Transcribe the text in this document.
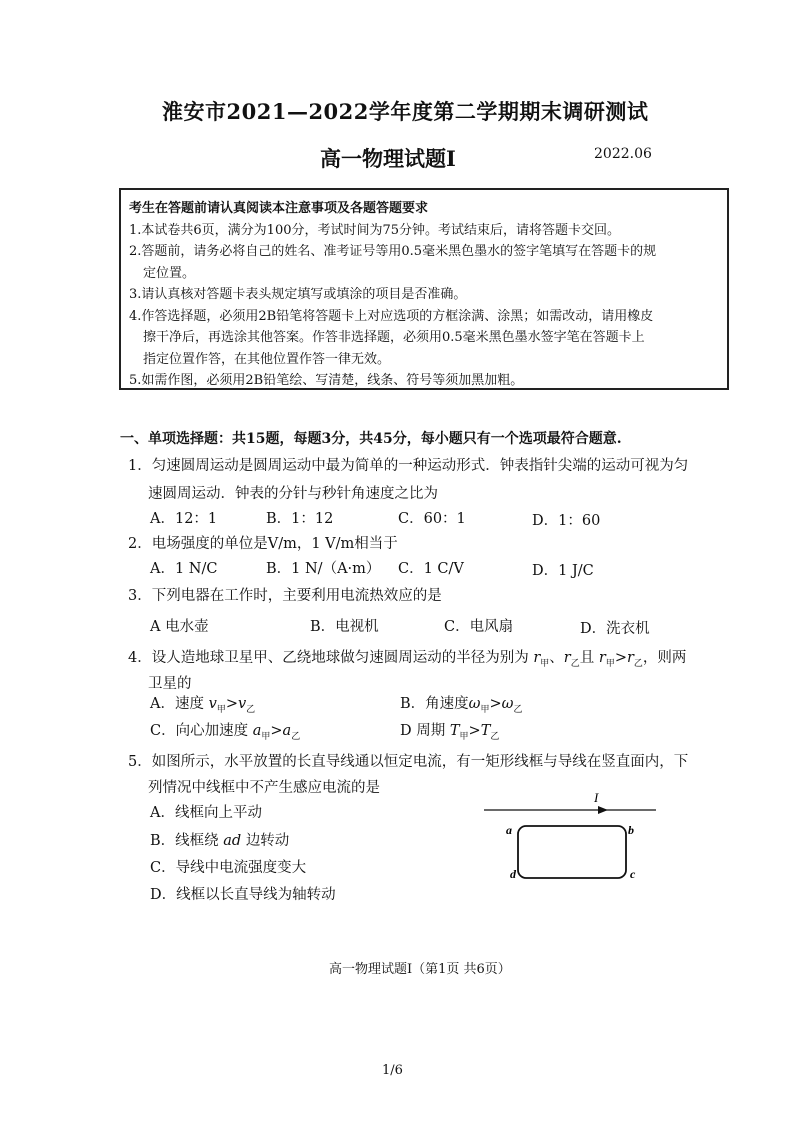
淮安市2021—2022学年度第二学期期末调研测试
高一物理试题Ⅰ	2022.06

考生在答题前请认真阅读本注意事项及各题答题要求

1.本试卷共6页，满分为100分，考试时间为75分钟。考试结束后，请将答题卡交回。

2.答题前，请务必将自己的姓名、准考证号等用0.5毫米黑色墨水的签字笔填写在答题卡的规

定位置。

3.请认真核对答题卡表头规定填写或填涂的项目是否准确。

4.作答选择题，必须用2B铅笔将答题卡上对应选项的方框涂满、涂黑；如需改动，请用橡皮

擦干净后，再选涂其他答案。作答非选择题，必须用0.5毫米黑色墨水签字笔在答题卡上

指定位置作答，在其他位置作答一律无效。

5.如需作图，必须用2B铅笔绘、写清楚，线条、符号等须加黑加粗。

一、单项选择题：共15题，每题3分，共45分，每小题只有一个选项最符合题意.
1．匀速圆周运动是圆周运动中最为简单的一种运动形式．钟表指针尖端的运动可视为匀
速圆周运动．钟表的分针与秒针角速度之比为
A．12：1	B．1：12	C．60：1	D．1：60
2．电场强度的单位是V/m，1 V/m相当于
A．1 N/C	B．1 N/（A·m） C．1 C/V	D．1 J/C
3．下列电器在工作时，主要利用电流热效应的是
A 电水壶	B．电视机	C．电风扇	D．洗衣机
4．设人造地球卫星甲、乙绕地球做匀速圆周运动的半径为别为 $r_甲$、$r_乙$且 $r_甲>r_乙$，则两
卫星的
A．速度 $v_甲>v_乙$	B．角速度$\omega_甲>\omega_乙$
C．向心加速度 $a_甲>a_乙$	D 周期 $T_甲>T_乙$
5．如图所示，水平放置的长直导线通以恒定电流，有一矩形线框与导线在竖直面内，下
列情况中线框中不产生感应电流的是
A．线框向上平动
B．线框绕 ad 边转动
C．导线中电流强度变大
D．线框以长直导线为轴转动
I
a	b
c
d
高一物理试题Ⅰ（第1页 共6页）
1/6
